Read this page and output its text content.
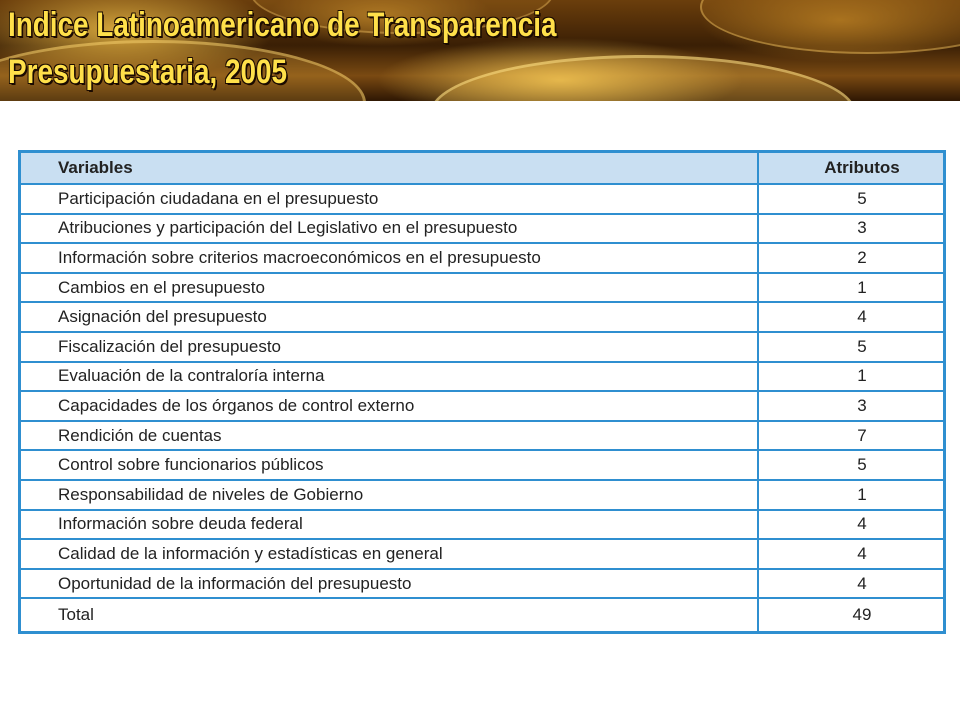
Indice Latinoamericano de Transparencia
Presupuestaria, 2005
Variables	Atributos
Participación ciudadana en el presupuesto	5
Atribuciones y participación del Legislativo en el presupuesto	3
Información sobre criterios macroeconómicos en el presupuesto	2
Cambios en el presupuesto	1
Asignación del presupuesto	4
Fiscalización del presupuesto	5
Evaluación de la contraloría interna	1
Capacidades de los órganos de control externo	3
Rendición de cuentas	7
Control sobre funcionarios públicos	5
Responsabilidad de niveles de Gobierno	1
Información sobre deuda federal	4
Calidad de la información y estadísticas en general	4
Oportunidad de la información del presupuesto	4
Total	49
